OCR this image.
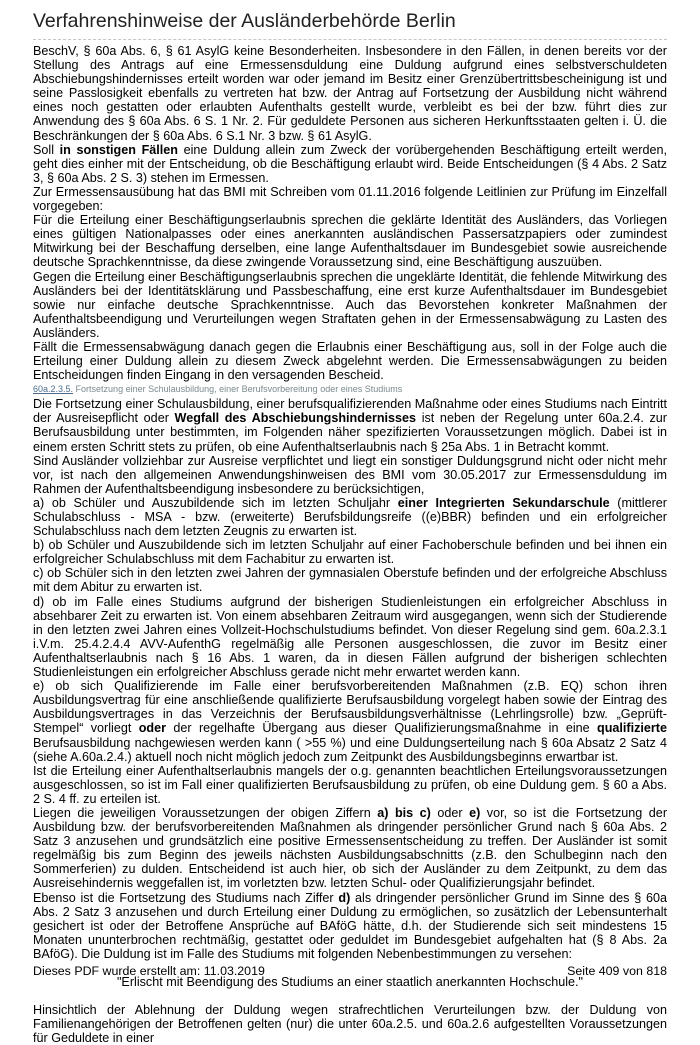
Verfahrenshinweise der Ausländerbehörde Berlin

BeschV, § 60a Abs. 6, § 61 AsylG keine Besonderheiten. Insbesondere in den Fällen, in denen bereits vor der Stellung des Antrags auf eine Ermessensduldung eine Duldung aufgrund eines selbstverschuldeten Abschiebungshindernisses erteilt worden war oder jemand im Besitz einer Grenzübertrittsbescheinigung ist und seine Passlosigkeit ebenfalls zu vertreten hat bzw. der Antrag auf Fortsetzung der Ausbildung nicht während eines noch gestatten oder erlaubten Aufenthalts gestellt wurde, verbleibt es bei der bzw. führt dies zur Anwendung des § 60a Abs. 6 S. 1 Nr. 2. Für geduldete Personen aus sicheren Herkunftsstaaten gelten i. Ü. die Beschränkungen der § 60a Abs. 6 S.1 Nr. 3 bzw. § 61 AsylG.

Soll in sonstigen Fällen eine Duldung allein zum Zweck der vorübergehenden Beschäftigung erteilt werden, geht dies einher mit der Entscheidung, ob die Beschäftigung erlaubt wird. Beide Entscheidungen (§ 4 Abs. 2 Satz 3, § 60a Abs. 2 S. 3) stehen im Ermessen.

Zur Ermessensausübung hat das BMI mit Schreiben vom 01.11.2016 folgende Leitlinien zur Prüfung im Einzelfall vorgegeben:

Für die Erteilung einer Beschäftigungserlaubnis sprechen die geklärte Identität des Ausländers, das Vorliegen eines gültigen Nationalpasses oder eines anerkannten ausländischen Passersatzpapiers oder zumindest Mitwirkung bei der Beschaffung derselben, eine lange Aufenthaltsdauer im Bundesgebiet sowie ausreichende deutsche Sprachkenntnisse, da diese zwingende Voraussetzung sind, eine Beschäftigung auszuüben.

Gegen die Erteilung einer Beschäftigungserlaubnis sprechen die ungeklärte Identität, die fehlende Mitwirkung des Ausländers bei der Identitätsklärung und Passbeschaffung, eine erst kurze Aufenthaltsdauer im Bundesgebiet sowie nur einfache deutsche Sprachkenntnisse. Auch das Bevorstehen konkreter Maßnahmen der Aufenthaltsbeendigung und Verurteilungen wegen Straftaten gehen in der Ermessensabwägung zu Lasten des Ausländers.

Fällt die Ermessensabwägung danach gegen die Erlaubnis einer Beschäftigung aus, soll in der Folge auch die Erteilung einer Duldung allein zu diesem Zweck abgelehnt werden. Die Ermessensabwägungen zu beiden Entscheidungen finden Eingang in den versagenden Bescheid.

60a.2.3.5. Fortsetzung einer Schulausbildung, einer Berufsvorbereitung oder eines Studiums

Die Fortsetzung einer Schulausbildung, einer berufsqualifizierenden Maßnahme oder eines Studiums nach Eintritt der Ausreisepflicht oder Wegfall des Abschiebungshindernisses ist neben der Regelung unter 60a.2.4. zur Berufsausbildung unter bestimmten, im Folgenden näher spezifizierten Voraussetzungen möglich. Dabei ist in einem ersten Schritt stets zu prüfen, ob eine Aufenthaltserlaubnis nach § 25a Abs. 1 in Betracht kommt.

Sind Ausländer vollziehbar zur Ausreise verpflichtet und liegt ein sonstiger Duldungsgrund nicht oder nicht mehr vor, ist nach den allgemeinen Anwendungshinweisen des BMI vom 30.05.2017 zur Ermessensduldung im Rahmen der Aufenthaltsbeendigung insbesondere zu berücksichtigen,

a) ob Schüler und Auszubildende sich im letzten Schuljahr einer Integrierten Sekundarschule (mittlerer Schulabschluss - MSA - bzw. (erweiterte) Berufsbildungsreife ((e)BBR) befinden und ein erfolgreicher Schulabschluss nach dem letzten Zeugnis zu erwarten ist.

b) ob Schüler und Auszubildende sich im letzten Schuljahr auf einer Fachoberschule befinden und bei ihnen ein erfolgreicher Schulabschluss mit dem Fachabitur zu erwarten ist.

c) ob Schüler sich in den letzten zwei Jahren der gymnasialen Oberstufe befinden und der erfolgreiche Abschluss mit dem Abitur zu erwarten ist.

d) ob im Falle eines Studiums aufgrund der bisherigen Studienleistungen ein erfolgreicher Abschluss in absehbarer Zeit zu erwarten ist. Von einem absehbaren Zeitraum wird ausgegangen, wenn sich der Studierende in den letzten zwei Jahren eines Vollzeit-Hochschulstudiums befindet. Von dieser Regelung sind gem. 60a.2.3.1 i.V.m. 25.4.2.4.4 AVV-AufenthG regelmäßig alle Personen ausgeschlossen, die zuvor im Besitz einer Aufenthaltserlaubnis nach § 16 Abs. 1 waren, da in diesen Fällen aufgrund der bisherigen schlechten Studienleistungen ein erfolgreicher Abschluss gerade nicht mehr erwartet werden kann.

e) ob sich Qualifizierende im Falle einer berufsvorbereitenden Maßnahmen (z.B. EQ) schon ihren Ausbildungsvertrag für eine anschließende qualifizierte Berufsausbildung vorgelegt haben sowie der Eintrag des Ausbildungsvertrages in das Verzeichnis der Berufsausbildungsverhältnisse (Lehrlingsrolle) bzw. „Geprüft-Stempel“ vorliegt oder der regelhafte Übergang aus dieser Qualifizierungsmaßnahme in eine qualifizierte Berufsausbildung nachgewiesen werden kann ( >55 %) und eine Duldungserteilung nach § 60a Absatz 2 Satz 4 (siehe A.60a.2.4.) aktuell noch nicht möglich jedoch zum Zeitpunkt des Ausbildungsbeginns erwartbar ist.

Ist die Erteilung einer Aufenthaltserlaubnis mangels der o.g. genannten beachtlichen Erteilungsvoraussetzungen ausgeschlossen, so ist im Fall einer qualifizierten Berufsausbildung zu prüfen, ob eine Duldung gem. § 60 a Abs. 2 S. 4 ff. zu erteilen ist.

Liegen die jeweiligen Voraussetzungen der obigen Ziffern a) bis c) oder e) vor, so ist die Fortsetzung der Ausbildung bzw. der berufsvorbereitenden Maßnahmen als dringender persönlicher Grund nach § 60a Abs. 2 Satz 3 anzusehen und grundsätzlich eine positive Ermessensentscheidung zu treffen. Der Ausländer ist somit regelmäßig bis zum Beginn des jeweils nächsten Ausbildungsabschnitts (z.B. den Schulbeginn nach den Sommerferien) zu dulden. Entscheidend ist auch hier, ob sich der Ausländer zu dem Zeitpunkt, zu dem das Ausreisehindernis weggefallen ist, im vorletzten bzw. letzten Schul- oder Qualifizierungsjahr befindet.

Ebenso ist die Fortsetzung des Studiums nach Ziffer d) als dringender persönlicher Grund im Sinne des § 60a Abs. 2 Satz 3 anzusehen und durch Erteilung einer Duldung zu ermöglichen, so zusätzlich der Lebensunterhalt gesichert ist oder der Betroffene Ansprüche auf BAföG hätte, d.h. der Studierende sich seit mindestens 15 Monaten ununterbrochen rechtmäßig, gestattet oder geduldet im Bundesgebiet aufgehalten hat (§ 8 Abs. 2a BAföG). Die Duldung ist im Falle des Studiums mit folgenden Nebenbestimmungen zu versehen:

"Erlischt mit Beendigung des Studiums an einer staatlich anerkannten Hochschule."

Hinsichtlich der Ablehnung der Duldung wegen strafrechtlichen Verurteilungen bzw. der Duldung von Familienangehörigen der Betroffenen gelten (nur) die unter 60a.2.5. und 60a.2.6 aufgestellten Voraussetzungen für Geduldete in einer

Dieses PDF wurde erstellt am: 11.03.2019	Seite 409 von 818
